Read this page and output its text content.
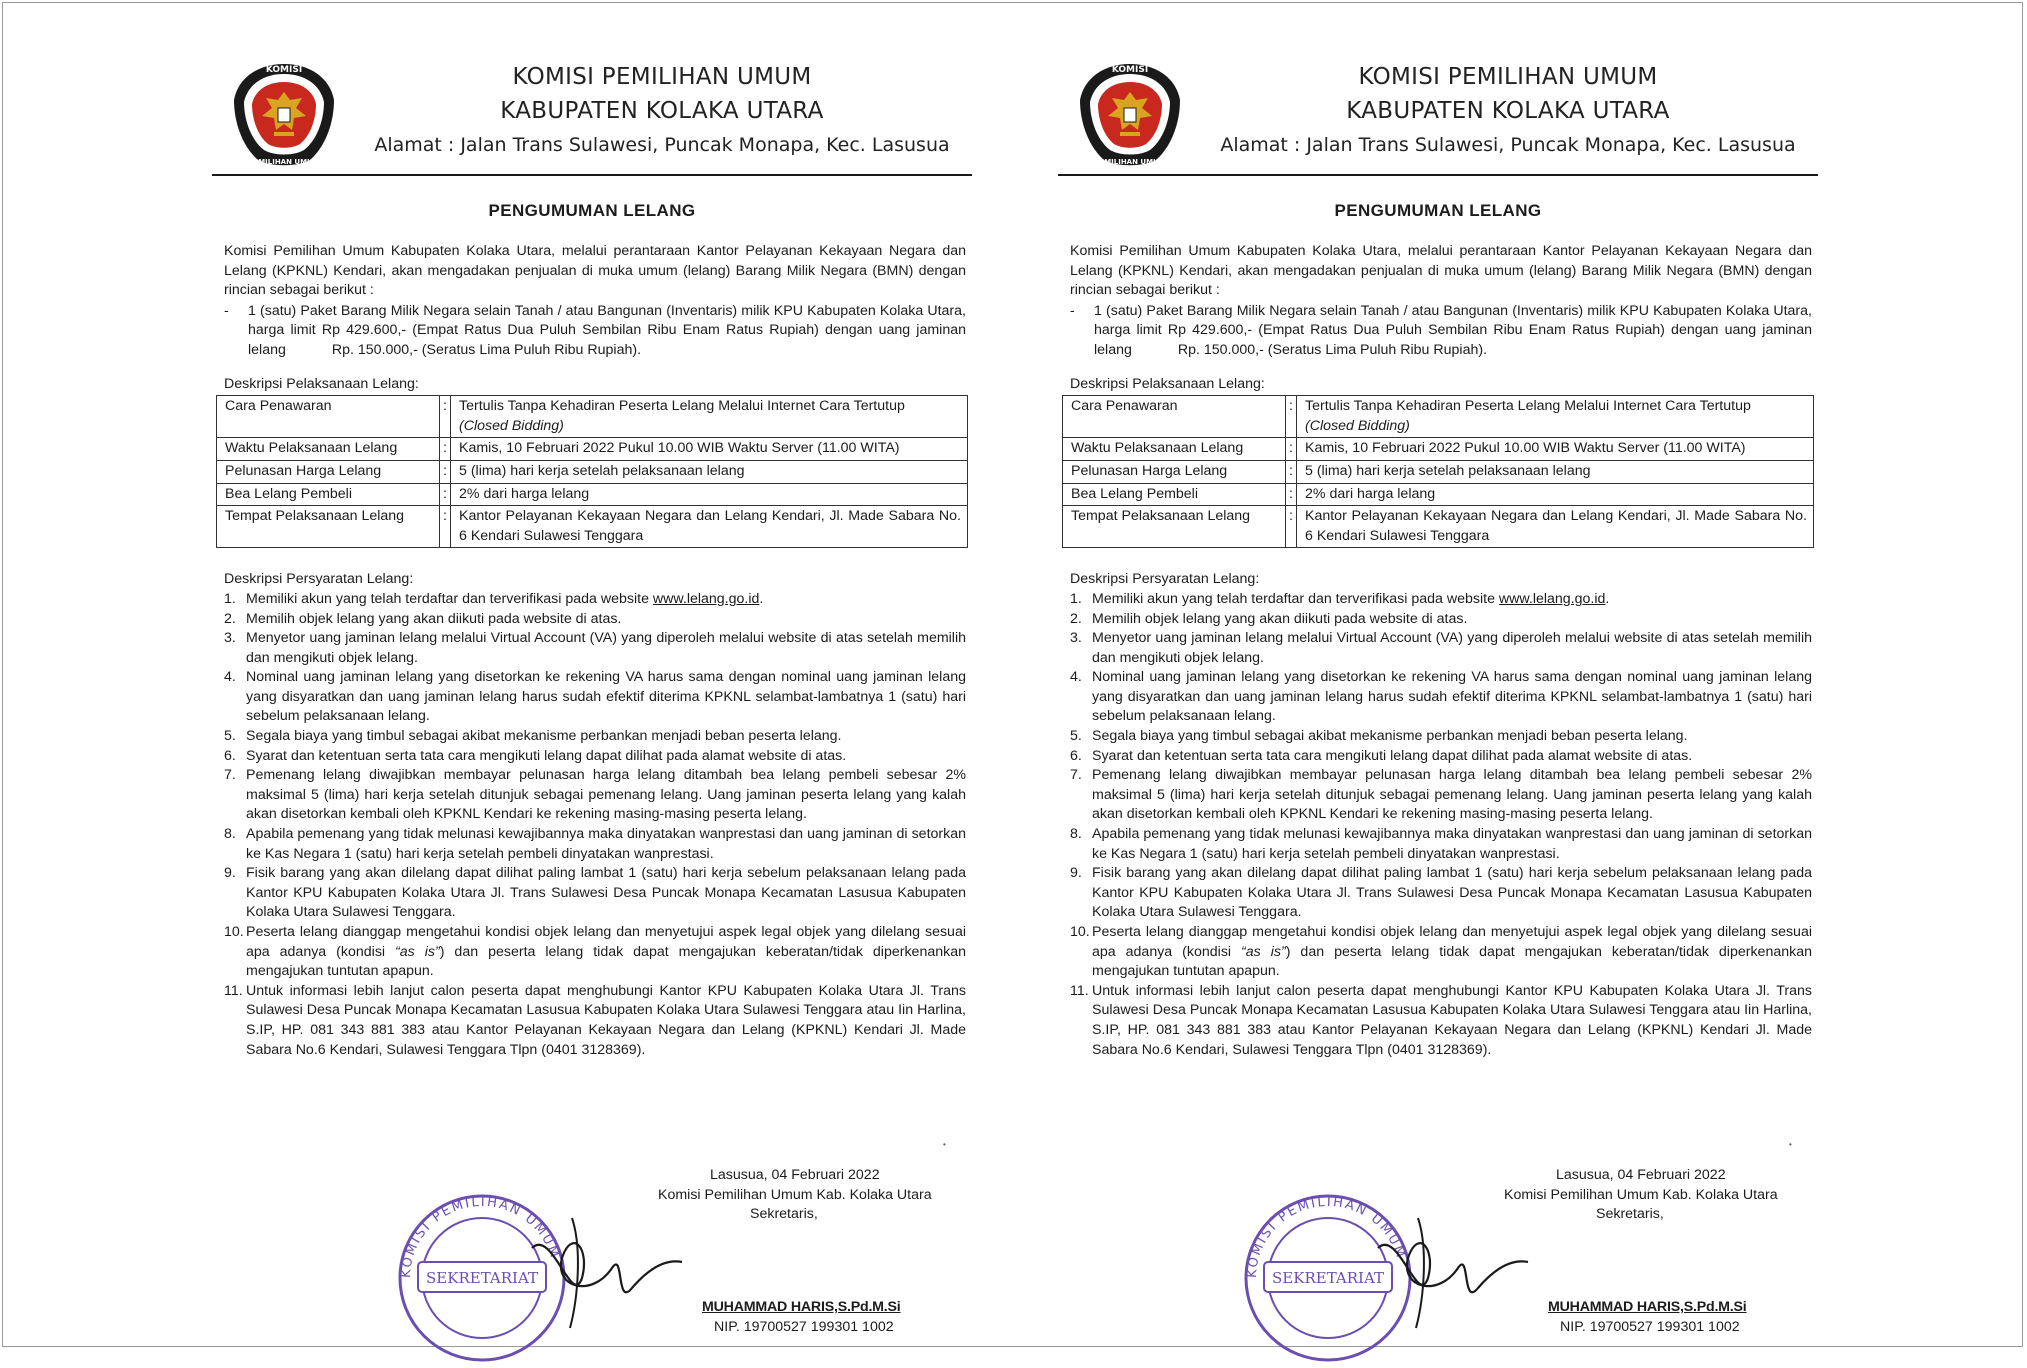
KOMISI
PEMILIHAN UMUM
KOMISI PEMILIHAN UMUM
KABUPATEN KOLAKA UTARA
Alamat : Jalan Trans Sulawesi, Puncak Monapa, Kec. Lasusua
PENGUMUMAN LELANG

Komisi Pemilihan Umum Kabupaten Kolaka Utara, melalui perantaraan Kantor Pelayanan Kekayaan Negara dan Lelang (KPKNL) Kendari, akan mengadakan penjualan di muka umum (lelang) Barang Milik Negara (BMN) dengan rincian sebagai berikut :

-	1 (satu) Paket Barang Milik Negara selain Tanah / atau Bangunan (Inventaris) milik KPU Kabupaten Kolaka Utara, harga limit Rp 429.600,- (Empat Ratus Dua Puluh Sembilan Ribu Enam Ratus Rupiah) dengan uang jaminan lelang	Rp. 150.000,- (Seratus Lima Puluh Ribu Rupiah).
Deskripsi Pelaksanaan Lelang:
Cara Penawaran	:	Tertulis Tanpa Kehadiran Peserta Lelang Melalui Internet Cara Tertutup
(Closed Bidding)
Waktu Pelaksanaan Lelang	:	Kamis, 10 Februari 2022 Pukul 10.00 WIB Waktu Server (11.00 WITA)
Pelunasan Harga Lelang	:	5 (lima) hari kerja setelah pelaksanaan lelang
Bea Lelang Pembeli	:	2% dari harga lelang
Tempat Pelaksanaan Lelang	:	Kantor Pelayanan Kekayaan Negara dan Lelang Kendari, Jl. Made Sabara No. 6 Kendari Sulawesi Tenggara
Deskripsi Persyaratan Lelang:
1. Memiliki akun yang telah terdaftar dan terverifikasi pada website www.lelang.go.id.
2. Memilih objek lelang yang akan diikuti pada website di atas.
3. Menyetor uang jaminan lelang melalui Virtual Account (VA) yang diperoleh melalui website di atas setelah memilih dan mengikuti objek lelang.
4. Nominal uang jaminan lelang yang disetorkan ke rekening VA harus sama dengan nominal uang jaminan lelang yang disyaratkan dan uang jaminan lelang harus sudah efektif diterima KPKNL selambat-lambatnya 1 (satu) hari sebelum pelaksanaan lelang.
5. Segala biaya yang timbul sebagai akibat mekanisme perbankan menjadi beban peserta lelang.
6. Syarat dan ketentuan serta tata cara mengikuti lelang dapat dilihat pada alamat website di atas.
7. Pemenang lelang diwajibkan membayar pelunasan harga lelang ditambah bea lelang pembeli sebesar 2% maksimal 5 (lima) hari kerja setelah ditunjuk sebagai pemenang lelang. Uang jaminan peserta lelang yang kalah akan disetorkan kembali oleh KPKNL Kendari ke rekening masing-masing peserta lelang.
8. Apabila pemenang yang tidak melunasi kewajibannya maka dinyatakan wanprestasi dan uang jaminan di setorkan ke Kas Negara 1 (satu) hari kerja setelah pembeli dinyatakan wanprestasi.
9. Fisik barang yang akan dilelang dapat dilihat paling lambat 1 (satu) hari kerja sebelum pelaksanaan lelang pada Kantor KPU Kabupaten Kolaka Utara Jl. Trans Sulawesi Desa Puncak Monapa Kecamatan Lasusua Kabupaten Kolaka Utara Sulawesi Tenggara.
10. Peserta lelang dianggap mengetahui kondisi objek lelang dan menyetujui aspek legal objek yang dilelang sesuai apa adanya (kondisi “as is”) dan peserta lelang tidak dapat mengajukan keberatan/tidak diperkenankan mengajukan tuntutan apapun.
11. Untuk informasi lebih lanjut calon peserta dapat menghubungi Kantor KPU Kabupaten Kolaka Utara Jl. Trans Sulawesi Desa Puncak Monapa Kecamatan Lasusua Kabupaten Kolaka Utara Sulawesi Tenggara atau Iin Harlina, S.IP, HP. 081 343 881 383 atau Kantor Pelayanan Kekayaan Negara dan Lelang (KPKNL) Kendari Jl. Made Sabara No.6 Kendari, Sulawesi Tenggara Tlpn (0401 3128369).
•
KOMISI PEMILIHAN UMUM
SEKRETARIAT
Lasusua, 04 Februari 2022
Komisi Pemilihan Umum Kab. Kolaka Utara
Sekretaris,
MUHAMMAD HARIS,S.Pd.M.Si
NIP. 19700527 199301 1002
KOMISI
PEMILIHAN UMUM
KOMISI PEMILIHAN UMUM
KABUPATEN KOLAKA UTARA
Alamat : Jalan Trans Sulawesi, Puncak Monapa, Kec. Lasusua
PENGUMUMAN LELANG

Komisi Pemilihan Umum Kabupaten Kolaka Utara, melalui perantaraan Kantor Pelayanan Kekayaan Negara dan Lelang (KPKNL) Kendari, akan mengadakan penjualan di muka umum (lelang) Barang Milik Negara (BMN) dengan rincian sebagai berikut :

-	1 (satu) Paket Barang Milik Negara selain Tanah / atau Bangunan (Inventaris) milik KPU Kabupaten Kolaka Utara, harga limit Rp 429.600,- (Empat Ratus Dua Puluh Sembilan Ribu Enam Ratus Rupiah) dengan uang jaminan lelang	Rp. 150.000,- (Seratus Lima Puluh Ribu Rupiah).
Deskripsi Pelaksanaan Lelang:
Cara Penawaran	:	Tertulis Tanpa Kehadiran Peserta Lelang Melalui Internet Cara Tertutup
(Closed Bidding)
Waktu Pelaksanaan Lelang	:	Kamis, 10 Februari 2022 Pukul 10.00 WIB Waktu Server (11.00 WITA)
Pelunasan Harga Lelang	:	5 (lima) hari kerja setelah pelaksanaan lelang
Bea Lelang Pembeli	:	2% dari harga lelang
Tempat Pelaksanaan Lelang	:	Kantor Pelayanan Kekayaan Negara dan Lelang Kendari, Jl. Made Sabara No. 6 Kendari Sulawesi Tenggara
Deskripsi Persyaratan Lelang:
1. Memiliki akun yang telah terdaftar dan terverifikasi pada website www.lelang.go.id.
2. Memilih objek lelang yang akan diikuti pada website di atas.
3. Menyetor uang jaminan lelang melalui Virtual Account (VA) yang diperoleh melalui website di atas setelah memilih dan mengikuti objek lelang.
4. Nominal uang jaminan lelang yang disetorkan ke rekening VA harus sama dengan nominal uang jaminan lelang yang disyaratkan dan uang jaminan lelang harus sudah efektif diterima KPKNL selambat-lambatnya 1 (satu) hari sebelum pelaksanaan lelang.
5. Segala biaya yang timbul sebagai akibat mekanisme perbankan menjadi beban peserta lelang.
6. Syarat dan ketentuan serta tata cara mengikuti lelang dapat dilihat pada alamat website di atas.
7. Pemenang lelang diwajibkan membayar pelunasan harga lelang ditambah bea lelang pembeli sebesar 2% maksimal 5 (lima) hari kerja setelah ditunjuk sebagai pemenang lelang. Uang jaminan peserta lelang yang kalah akan disetorkan kembali oleh KPKNL Kendari ke rekening masing-masing peserta lelang.
8. Apabila pemenang yang tidak melunasi kewajibannya maka dinyatakan wanprestasi dan uang jaminan di setorkan ke Kas Negara 1 (satu) hari kerja setelah pembeli dinyatakan wanprestasi.
9. Fisik barang yang akan dilelang dapat dilihat paling lambat 1 (satu) hari kerja sebelum pelaksanaan lelang pada Kantor KPU Kabupaten Kolaka Utara Jl. Trans Sulawesi Desa Puncak Monapa Kecamatan Lasusua Kabupaten Kolaka Utara Sulawesi Tenggara.
10. Peserta lelang dianggap mengetahui kondisi objek lelang dan menyetujui aspek legal objek yang dilelang sesuai apa adanya (kondisi “as is”) dan peserta lelang tidak dapat mengajukan keberatan/tidak diperkenankan mengajukan tuntutan apapun.
11. Untuk informasi lebih lanjut calon peserta dapat menghubungi Kantor KPU Kabupaten Kolaka Utara Jl. Trans Sulawesi Desa Puncak Monapa Kecamatan Lasusua Kabupaten Kolaka Utara Sulawesi Tenggara atau Iin Harlina, S.IP, HP. 081 343 881 383 atau Kantor Pelayanan Kekayaan Negara dan Lelang (KPKNL) Kendari Jl. Made Sabara No.6 Kendari, Sulawesi Tenggara Tlpn (0401 3128369).
•
KOMISI PEMILIHAN UMUM
SEKRETARIAT
Lasusua, 04 Februari 2022
Komisi Pemilihan Umum Kab. Kolaka Utara
Sekretaris,
MUHAMMAD HARIS,S.Pd.M.Si
NIP. 19700527 199301 1002
